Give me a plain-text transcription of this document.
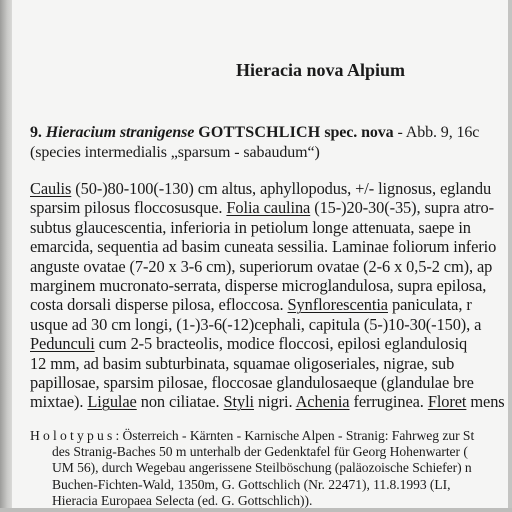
Hieracia nova Alpium
9. Hieracium stranigense GOTTSCHLICH spec. nova - Abb. 9, 16c
(species intermedialis „sparsum - sabaudum“)
Caulis (50-)80-100(-130) cm altus, aphyllopodus, +/- lignosus, eglandu
sparsim pilosus floccosusque. Folia caulina (15-)20-30(-35), supra atro-
subtus glaucescentia, inferioria in petiolum longe attenuata, saepe in
emarcida, sequentia ad basim cuneata sessilia. Laminae foliorum inferio
anguste ovatae (7-20 x 3-6 cm), superiorum ovatae (2-6 x 0,5-2 cm), ap
marginem mucronato-serrata, disperse microglandulosa, supra epilosa,
costa dorsali disperse pilosa, efloccosa. Synflorescentia paniculata, r
usque ad 30 cm longi, (1-)3-6(-12)cephali, capitula (5-)10-30(-150), a
Pedunculi cum 2-5 bracteolis, modice floccosi, epilosi eglandulosiq
12 mm, ad basim subturbinata, squamae oligoseriales, nigrae, sub
papillosae, sparsim pilosae, floccosae glandulosaeque (glandulae bre
mixtae). Ligulae non ciliatae. Styli nigri. Achenia ferruginea. Floret mens
Holotypus: Österreich - Kärnten - Karnische Alpen - Stranig: Fahrweg zur St
des Stranig-Baches 50 m unterhalb der Gedenktafel für Georg Hohenwarter (
UM 56), durch Wegebau angerissene Steilböschung (paläozoische Schiefer) n
Buchen-Fichten-Wald, 1350m, G. Gottschlich (Nr. 22471), 11.8.1993 (LI,
Hieracia Europaea Selecta (ed. G. Gottschlich)).
